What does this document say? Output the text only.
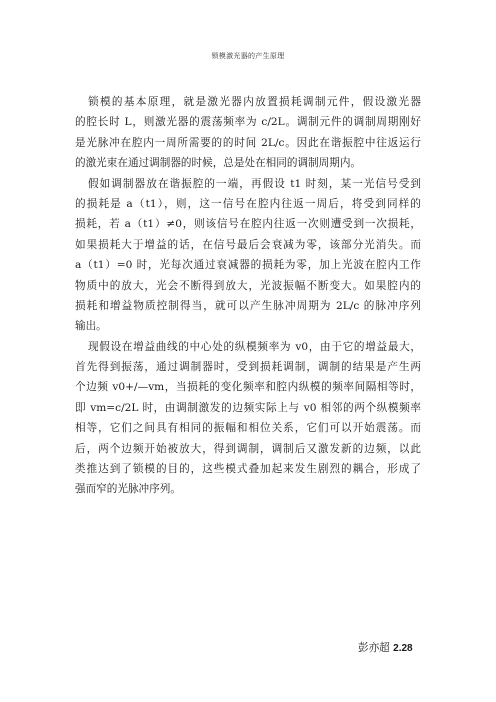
锁模激光器的产生原理
锁模的基本原理，就是激光器内放置损耗调制元件，假设激光器
的腔长时 L，则激光器的震荡频率为 c/2L。调制元件的调制周期刚好
是光脉冲在腔内一周所需要的的时间 2L/c。因此在谐振腔中往返运行
的激光束在通过调制器的时候，总是处在相同的调制周期内。
假如调制器放在谐振腔的一端，再假设 t1 时刻，某一光信号受到
的损耗是 a（t1），则，这一信号在腔内往返一周后，将受到同样的
损耗，若 a（t1）≠0，则该信号在腔内往返一次则遭受到一次损耗，
如果损耗大于增益的话，在信号最后会衰减为零，该部分光消失。而
a（t1）=0 时，光每次通过衰减器的损耗为零，加上光波在腔内工作
物质中的放大，光会不断得到放大，光波振幅不断变大。如果腔内的
损耗和增益物质控制得当，就可以产生脉冲周期为 2L/c 的脉冲序列
输出。
现假设在增益曲线的中心处的纵模频率为 v0，由于它的增益最大，
首先得到振荡，通过调制器时，受到损耗调制，调制的结果是产生两
个边频 v0+/—vm，当损耗的变化频率和腔内纵模的频率间隔相等时，
即 vm=c/2L 时，由调制激发的边频实际上与 v0 相邻的两个纵模频率
相等，它们之间具有相同的振幅和相位关系，它们可以开始震荡。而
后，两个边频开始被放大，得到调制，调制后又激发新的边频，以此
类推达到了锁模的目的，这些模式叠加起来发生剧烈的耦合，形成了
强而窄的光脉冲序列。
彭亦超 2.28
